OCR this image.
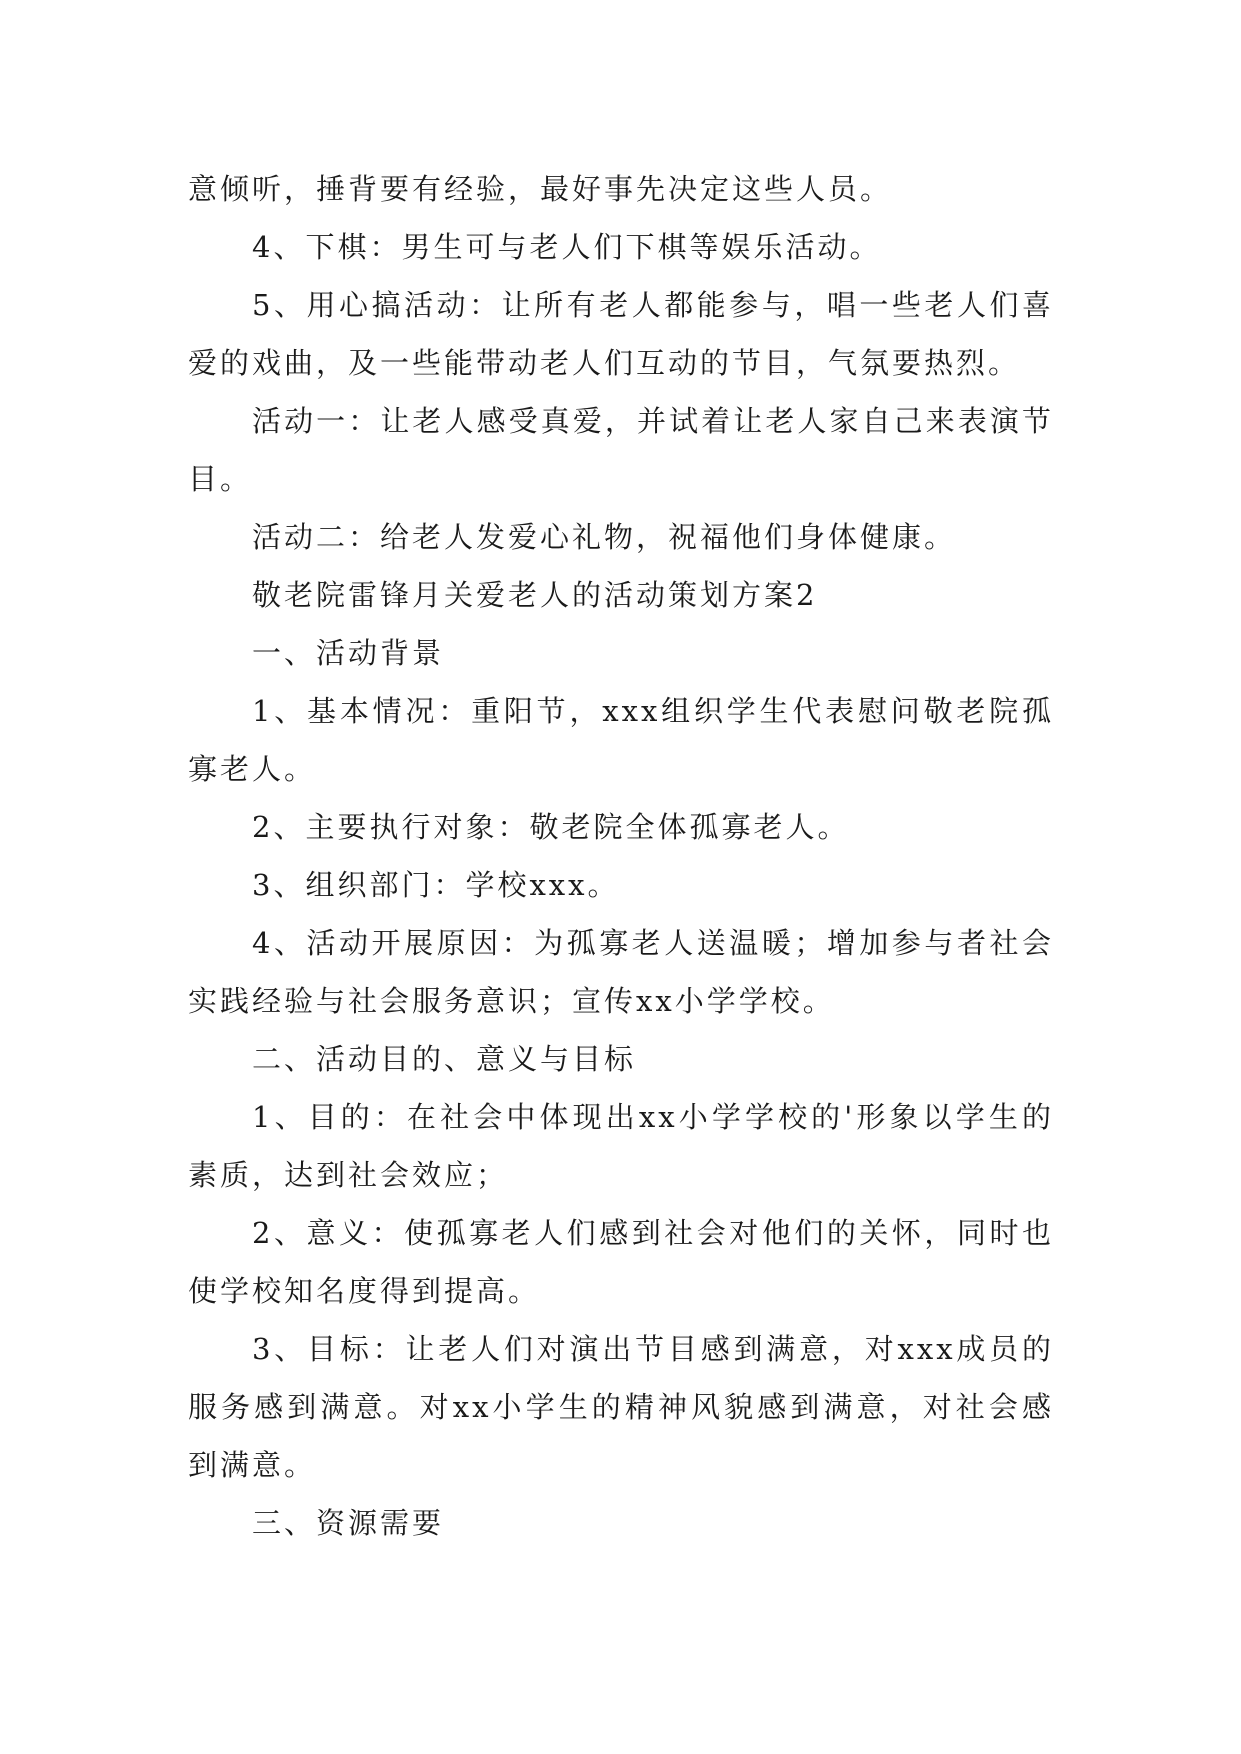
意倾听，捶背要有经验，最好事先决定这些人员。

4、下棋：男生可与老人们下棋等娱乐活动。

5、用心搞活动：让所有老人都能参与，唱一些老人们喜爱的戏曲，及一些能带动老人们互动的节目，气氛要热烈。

活动一：让老人感受真爱，并试着让老人家自己来表演节目。

活动二：给老人发爱心礼物，祝福他们身体健康。

敬老院雷锋月关爱老人的活动策划方案2

一、活动背景

1、基本情况：重阳节，xxx组织学生代表慰问敬老院孤寡老人。

2、主要执行对象：敬老院全体孤寡老人。

3、组织部门：学校xxx。

4、活动开展原因：为孤寡老人送温暖；增加参与者社会实践经验与社会服务意识；宣传xx小学学校。

二、活动目的、意义与目标

1、目的：在社会中体现出xx小学学校的'形象以学生的素质，达到社会效应；

2、意义：使孤寡老人们感到社会对他们的关怀，同时也使学校知名度得到提高。

3、目标：让老人们对演出节目感到满意，对xxx成员的服务感到满意。对xx小学生的精神风貌感到满意，对社会感到满意。

三、资源需要
